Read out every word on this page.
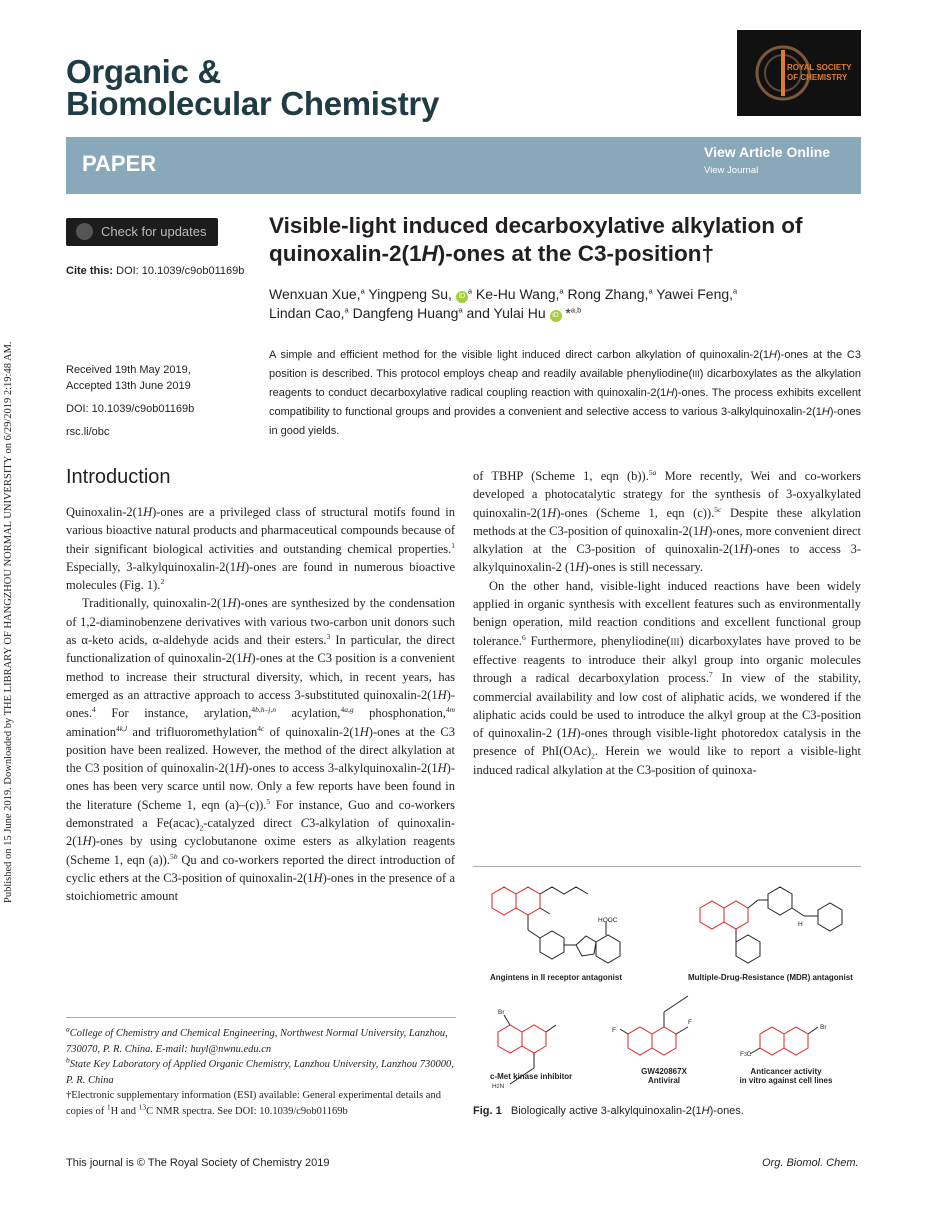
Published on 15 June 2019. Downloaded by THE LIBRARY OF HANGZHOU NORMAL UNIVERSITY on 6/29/2019 2:19:48 AM.
Organic &
Biomolecular Chemistry
ROYAL SOCIETY
OF CHEMISTRY
PAPER	View Article Online
View Journal
Check for updates
Cite this: DOI: 10.1039/c9ob01169b
Visible-light induced decarboxylative alkylation of
quinoxalin-2(1H)-ones at the C3-position†
Wenxuan Xue,$^a$ Yingpeng Su, $iD^a$ Ke-Hu Wang,$^a$ Rong Zhang,$^a$ Yawei Feng,$^a$
Lindan Cao,$^a$ Dangfeng Huang$^a$ and Yulai Hu iD *$^{a,b}$
Received 19th May 2019,
Accepted 13th June 2019
DOI: 10.1039/c9ob01169b
rsc.li/obc
A simple and efficient method for the visible light induced direct carbon alkylation of quinoxalin-2(1H)-ones at the C3 position is described. This protocol employs cheap and readily available phenyliodine(III) dicarboxylates as the alkylation reagents to conduct decarboxylative radical coupling reaction with quinoxalin-2(1H)-ones. The process exhibits excellent compatibility to functional groups and provides a convenient and selective access to various 3-alkylquinoxalin-2(1H)-ones in good yields.
Introduction

Quinoxalin-2(1H)-ones are a privileged class of structural motifs found in various bioactive natural products and pharmaceutical compounds because of their significant biological activities and outstanding chemical properties.$^1$ Especially, 3-alkylquinoxalin-2(1H)-ones are found in numerous bioactive molecules (Fig. 1).$^2$

Traditionally, quinoxalin-2(1H)-ones are synthesized by the condensation of 1,2-diaminobenzene derivatives with various two-carbon unit donors such as α-keto acids, α-aldehyde acids and their esters.$^3$ In particular, the direct functionalization of quinoxalin-2(1H)-ones at the C3 position is a convenient method to increase their structural diversity, which, in recent years, has emerged as an attractive approach to access 3-substituted quinoxalin-2(1H)-ones.$^4$ For instance, arylation,$^{4b,h-j,n}$ acylation,$^{4a,g}$ phosphonation,$^{4m}$ amination$^{4k,l}$ and trifluoromethylation$^{4c}$ of quinoxalin-2(1H)-ones at the C3 position have been realized. However, the method of the direct alkylation at the C3 position of quinoxalin-2(1H)-ones to access 3-alkylquinoxalin-2(1H)-ones has been very scarce until now. Only a few reports have been found in the literature (Scheme 1, eqn (a)–(c)).$^5$ For instance, Guo and co-workers demonstrated a $Fe(acac)_2$-catalyzed direct C3-alkylation of quinoxalin-2(1H)-ones by using cyclobutanone oxime esters as alkylation reagents (Scheme 1, eqn (a)).$^{5b}$ Qu and co-workers reported the direct introduction of cyclic ethers at the C3-position of quinoxalin-2(1H)-ones in the presence of a stoichiometric amount

of TBHP (Scheme 1, eqn (b)).$^{5a}$ More recently, Wei and co-workers developed a photocatalytic strategy for the synthesis of 3-oxyalkylated quinoxalin-2(1H)-ones (Scheme 1, eqn (c)).$^{5c}$ Despite these alkylation methods at the C3-position of quinoxalin-2(1H)-ones, more convenient direct alkylation at the C3-position of quinoxalin-2(1H)-ones to access 3-alkylquinoxalin-2 (1H)-ones is still necessary.

On the other hand, visible-light induced reactions have been widely applied in organic synthesis with excellent features such as environmentally benign operation, mild reaction conditions and excellent functional group tolerance.$^6$ Furthermore, phenyliodine(III) dicarboxylates have proved to be effective reagents to introduce their alkyl group into organic molecules through a radical decarboxylation process.$^7$ In view of the stability, commercial availability and low cost of aliphatic acids, we wondered if the aliphatic acids could be used to introduce the alkyl group at the C3-position of quinoxalin-2 (1H)-ones through visible-light photoredox catalysis in the presence of $PhI(OAc)_2$. Herein we would like to report a visible-light induced radical alkylation at the C3-position of quinoxa-

$^a$College of Chemistry and Chemical Engineering, Northwest Normal University, Lanzhou, 730070, P. R. China. E-mail: huyl@nwnu.edu.cn

$^b$State Key Laboratory of Applied Organic Chemistry, Lanzhou University, Lanzhou 730000, P. R. China

†Electronic supplementary information (ESI) available: General experimental details and copies of $^1$H and $^{13}$C NMR spectra. See DOI: 10.1039/c9ob01169b

F
F
F3C
Br
Br
H2N
HOOC
H
Angintens in II receptor antagonist	Multiple-Drug-Resistance (MDR) antagonist
c-Met kinase inhibitor
GW420867X
Antiviral
Anticancer activity
in vitro against cell lines
Fig. 1 Biologically active 3-alkylquinoxalin-2(1H)-ones.
This journal is © The Royal Society of Chemistry 2019	Org. Biomol. Chem.
